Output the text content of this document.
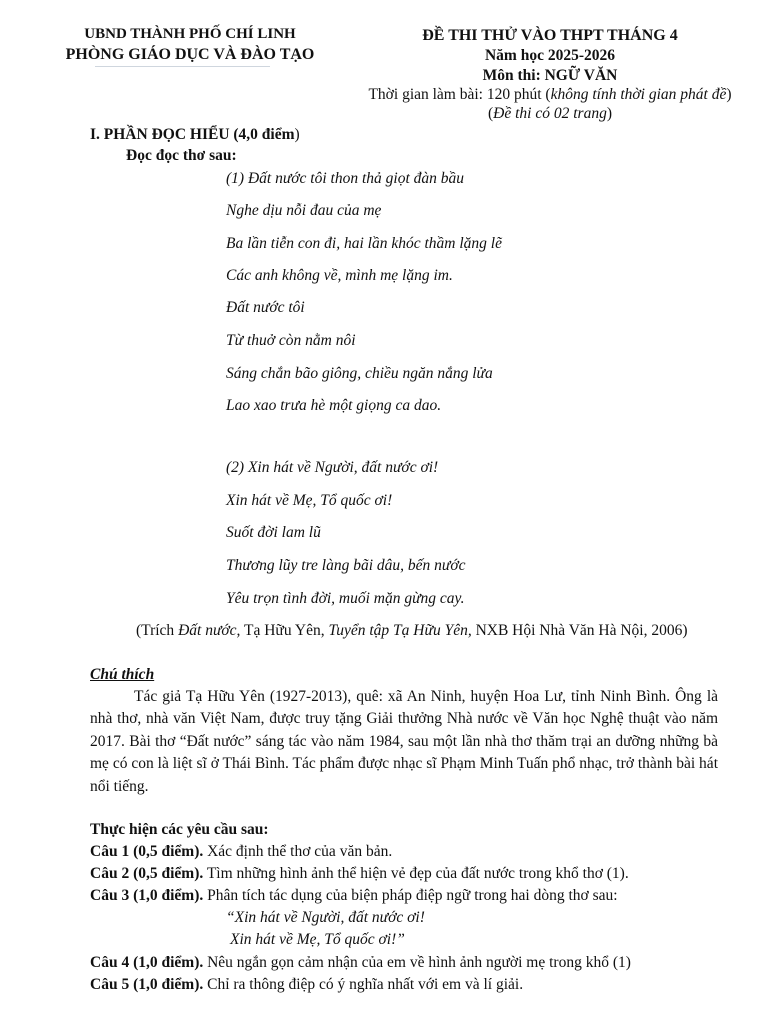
UBND THÀNH PHỐ CHÍ LINH
PHÒNG GIÁO DỤC VÀ ĐÀO TẠO
ĐỀ THI THỬ VÀO THPT THÁNG 4
Năm học 2025-2026
Môn thi: NGỮ VĂN
Thời gian làm bài: 120 phút (không tính thời gian phát đề)
(Đề thi có 02 trang)
I. PHẦN ĐỌC HIỂU (4,0 điểm)
Đọc đọc thơ sau:
(1) Đất nước tôi thon thả giọt đàn bầu
Nghe dịu nỗi đau của mẹ
Ba lần tiễn con đi, hai lần khóc thầm lặng lẽ
Các anh không về, mình mẹ lặng im.
Đất nước tôi
Từ thuở còn nằm nôi
Sáng chắn bão giông, chiều ngăn nắng lửa
Lao xao trưa hè một giọng ca dao.
(2) Xin hát về Người, đất nước ơi!
Xin hát về Mẹ, Tổ quốc ơi!
Suốt đời lam lũ
Thương lũy tre làng bãi dâu, bến nước
Yêu trọn tình đời, muối mặn gừng cay.
(Trích Đất nước, Tạ Hữu Yên, Tuyển tập Tạ Hữu Yên, NXB Hội Nhà Văn Hà Nội, 2006)
Chú thích
Tác giả Tạ Hữu Yên (1927-2013), quê: xã An Ninh, huyện Hoa Lư, tỉnh Ninh Bình. Ông là nhà thơ, nhà văn Việt Nam, được truy tặng Giải thưởng Nhà nước về Văn học Nghệ thuật vào năm 2017. Bài thơ “Đất nước” sáng tác vào năm 1984, sau một lần nhà thơ thăm trại an dưỡng những bà mẹ có con là liệt sĩ ở Thái Bình. Tác phẩm được nhạc sĩ Phạm Minh Tuấn phổ nhạc, trở thành bài hát nổi tiếng.
Thực hiện các yêu cầu sau:
Câu 1 (0,5 điểm). Xác định thể thơ của văn bản.
Câu 2 (0,5 điểm). Tìm những hình ảnh thể hiện vẻ đẹp của đất nước trong khổ thơ (1).
Câu 3 (1,0 điểm). Phân tích tác dụng của biện pháp điệp ngữ trong hai dòng thơ sau:
“Xin hát về Người, đất nước ơi!
Xin hát về Mẹ, Tổ quốc ơi!”
Câu 4 (1,0 điểm). Nêu ngắn gọn cảm nhận của em về hình ảnh người mẹ trong khổ (1)
Câu 5 (1,0 điểm). Chỉ ra thông điệp có ý nghĩa nhất với em và lí giải.
